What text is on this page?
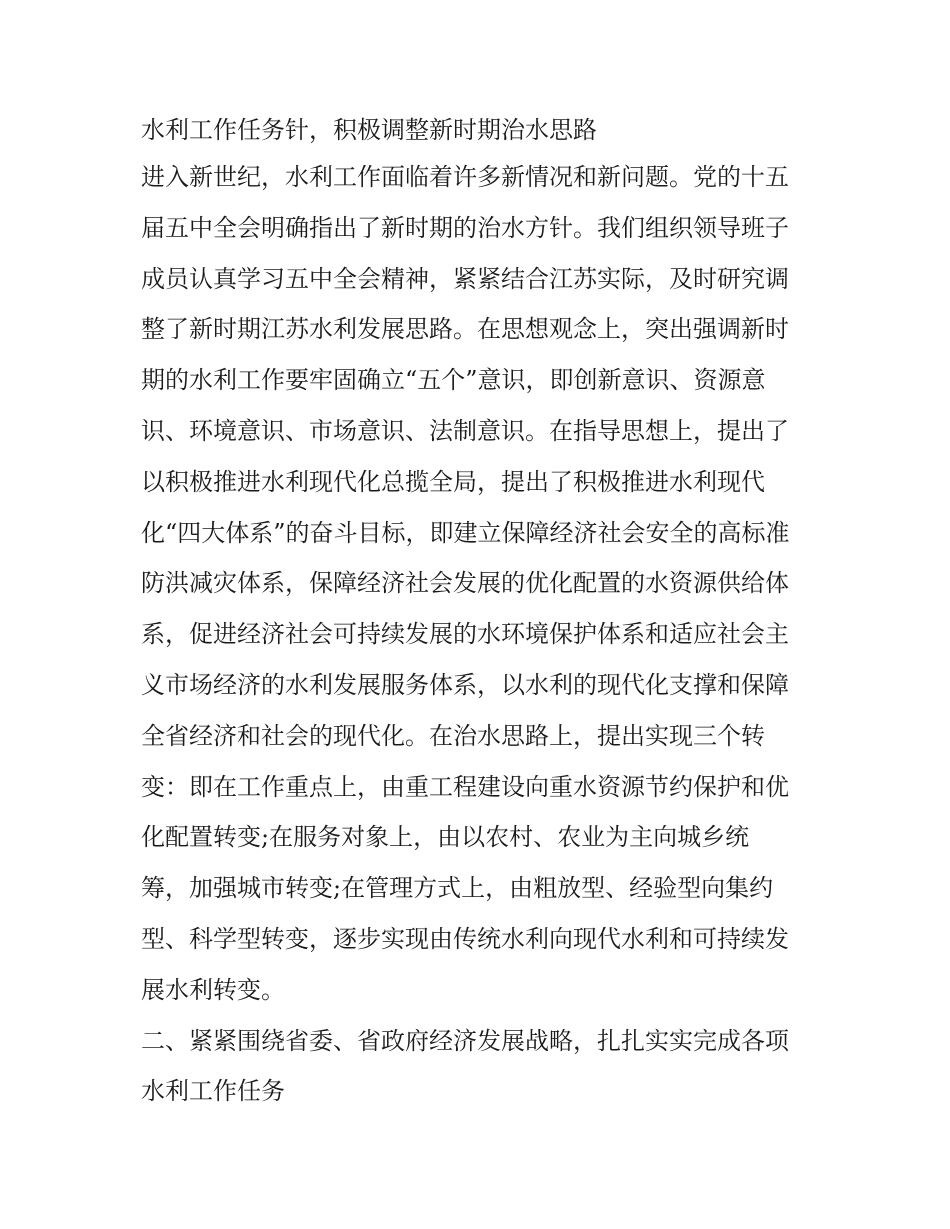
水利工作任务针，积极调整新时期治水思路
进入新世纪，水利工作面临着许多新情况和新问题。党的十五
届五中全会明确指出了新时期的治水方针。我们组织领导班子
成员认真学习五中全会精神，紧紧结合江苏实际，及时研究调
整了新时期江苏水利发展思路。在思想观念上，突出强调新时
期的水利工作要牢固确立“五个”意识，即创新意识、资源意
识、环境意识、市场意识、法制意识。在指导思想上，提出了
以积极推进水利现代化总揽全局，提出了积极推进水利现代
化“四大体系”的奋斗目标，即建立保障经济社会安全的高标准
防洪减灾体系，保障经济社会发展的优化配置的水资源供给体
系，促进经济社会可持续发展的水环境保护体系和适应社会主
义市场经济的水利发展服务体系，以水利的现代化支撑和保障
全省经济和社会的现代化。在治水思路上，提出实现三个转
变：即在工作重点上，由重工程建设向重水资源节约保护和优
化配置转变;在服务对象上，由以农村、农业为主向城乡统
筹，加强城市转变;在管理方式上，由粗放型、经验型向集约
型、科学型转变，逐步实现由传统水利向现代水利和可持续发
展水利转变。
二、紧紧围绕省委、省政府经济发展战略，扎扎实实完成各项
水利工作任务
